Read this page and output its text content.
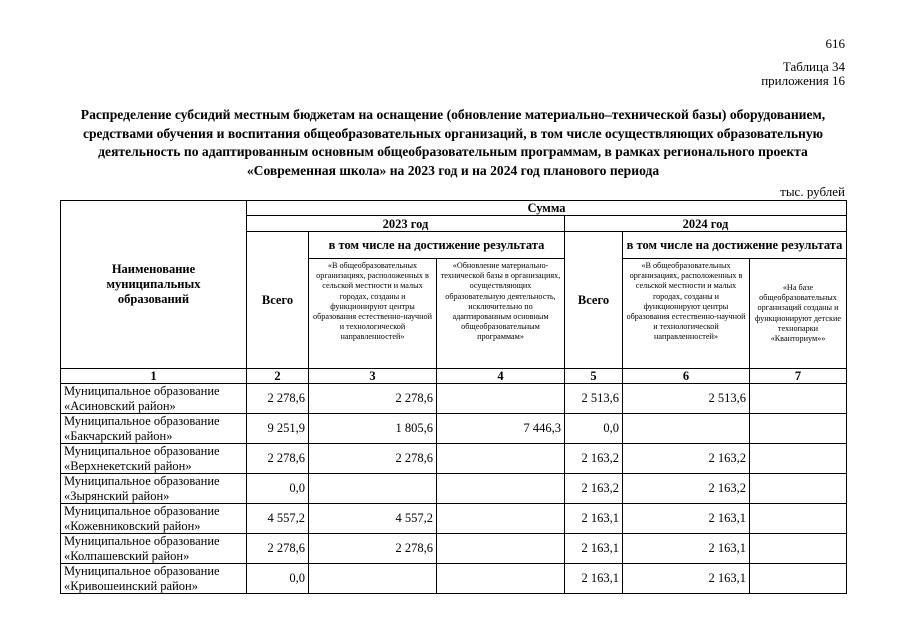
616
Таблица 34
приложения 16
Распределение субсидий местным бюджетам на оснащение (обновление материально–технической базы) оборудованием,
средствами обучения и воспитания общеобразовательных организаций, в том числе осуществляющих образовательную
деятельность по адаптированным основным общеобразовательным программам, в рамках регионального проекта
«Современная школа» на 2023 год и на 2024 год планового периода
тыс. рублей
Наименование муниципальных образований	Сумма					
	2023 год			2024 год		
	Всего	в том числе на достижение результата		Всего	в том числе на достижение результата	
		«В общеобразовательных организациях, расположенных в сельской местности и малых городах, созданы и функционируют центры образования естественно-научной и технологической направленностей»	«Обновление материально-технической базы в организациях, осуществляющих образовательную деятельность, исключительно по адаптированным основным общеобразовательным программам»		«В общеобразовательных организациях, расположенных в сельской местности и малых городах, созданы и функционируют центры образования естественно-научной и технологической направленностей»	«На базе общеобразовательных организаций созданы и функционируют детские технопарки «Кванториум»»
1	2	3	4	5	6	7

Муниципальное образование
«Асиновский район»	2 278,6	2 278,6		2 513,6	2 513,6	

Муниципальное образование
«Бакчарский район»	9 251,9	1 805,6	7 446,3	0,0		

Муниципальное образование
«Верхнекетский район»	2 278,6	2 278,6		2 163,2	2 163,2	

Муниципальное образование
«Зырянский район»	0,0			2 163,2	2 163,2	

Муниципальное образование
«Кожевниковский район»	4 557,2	4 557,2		2 163,1	2 163,1	

Муниципальное образование
«Колпашевский район»	2 278,6	2 278,6		2 163,1	2 163,1	

Муниципальное образование
«Кривошеинский район»	0,0			2 163,1	2 163,1	
